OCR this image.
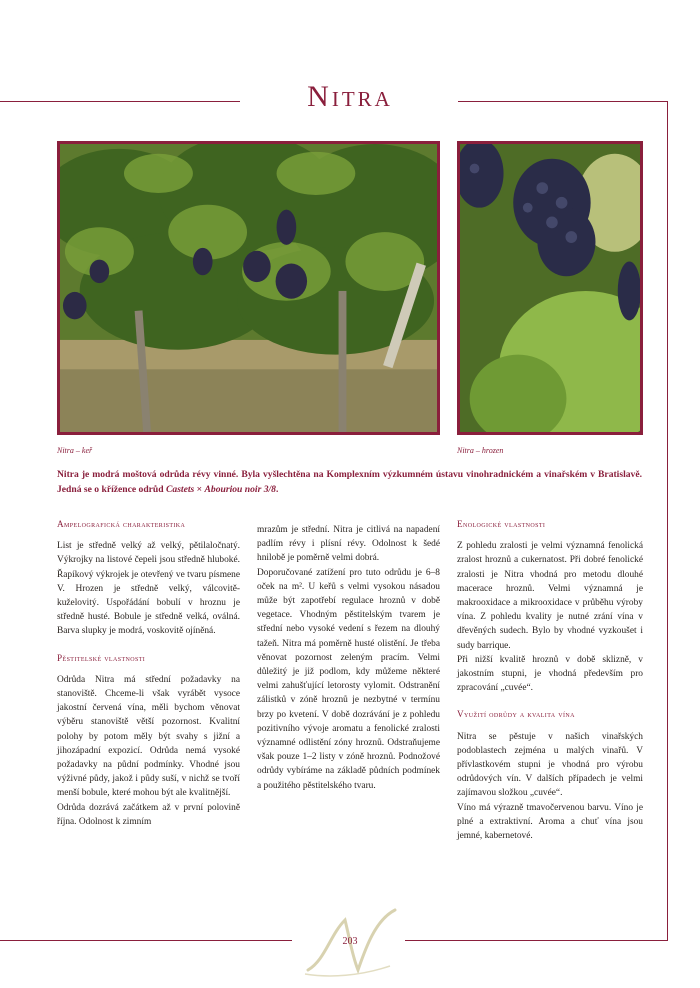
Nitra
Nitra – keř	Nitra – hrozen
Nitra je modrá moštová odrůda révy vinné. Byla vyšlechtěna na Komplexním výzkumném ústavu vinohradnickém a vinařském v Bratislavě. Jedná se o křížence odrůd Castets × Abouriou noir 3/8.
Ampelografická charakteristika

List je středně velký až velký, pětilaločnatý. Výkrojky na listové čepeli jsou středně hluboké. Řapíkový výkrojek je otevřený ve tvaru písmene V. Hrozen je středně velký, válcovitě-kuželovitý. Uspořádání bobulí v hroznu je středně husté. Bobule je středně velká, oválná. Barva slupky je modrá, voskovitě ojíněná.

Pěstitelské vlastnosti

Odrůda Nitra má střední požadavky na stanoviště. Chceme-li však vyrábět vysoce jakostní červená vína, měli bychom věnovat výběru stanoviště větší pozornost. Kvalitní polohy by potom měly být svahy s jižní a jihozápadní expozicí. Odrůda nemá vysoké požadavky na půdní podmínky. Vhodné jsou výživné půdy, jakož i půdy suší, v nichž se tvoří menší bobule, které mohou být ale kvalitnější.

Odrůda dozrává začátkem až v první polovině října. Odolnost k zimním

mrazům je střední. Nitra je citlivá na napadení padlím révy i plísní révy. Odolnost k šedé hnilobě je poměrně velmi dobrá.

Doporučované zatížení pro tuto odrůdu je 6–8 oček na m². U keřů s velmi vysokou násadou může být zapotřebí regulace hroznů v době vegetace. Vhodným pěstitelským tvarem je střední nebo vysoké vedení s řezem na dlouhý tažeň. Nitra má poměrně husté olistění. Je třeba věnovat pozornost zeleným pracím. Velmi důležitý je již podlom, kdy můžeme některé velmi zahušťující letorosty vylomit. Odstranění zálistků v zóně hroznů je nezbytné v termínu brzy po kvetení. V době dozrávání je z pohledu pozitivního vývoje aromatu a fenolické zralosti významné odlistění zóny hroznů. Odstraňujeme však pouze 1–2 listy v zóně hroznů. Podnožové odrůdy vybíráme na základě půdních podmínek a použitého pěstitelského tvaru.

Enologické vlastnosti

Z pohledu zralosti je velmi významná fenolická zralost hroznů a cukernatost. Při dobré fenolické zralosti je Nitra vhodná pro metodu dlouhé macerace hroznů. Velmi významná je makrooxidace a mikrooxidace v průběhu výroby vína. Z pohledu kvality je nutné zrání vína v dřevěných sudech. Bylo by vhodné vyzkoušet i sudy barrique.

Při nižší kvalitě hroznů v době sklizně, v jakostním stupni, je vhodná především pro zpracování „cuvée“.

Využití odrůdy a kvalita vína

Nitra se pěstuje v našich vinařských podoblastech zejména u malých vinařů. V přívlastkovém stupni je vhodná pro výrobu odrůdových vín. V dalších případech je velmi zajímavou složkou „cuvée“.

Víno má výrazně tmavočervenou barvu. Víno je plné a extraktivní. Aroma a chuť vína jsou jemné, kabernetové.

203
